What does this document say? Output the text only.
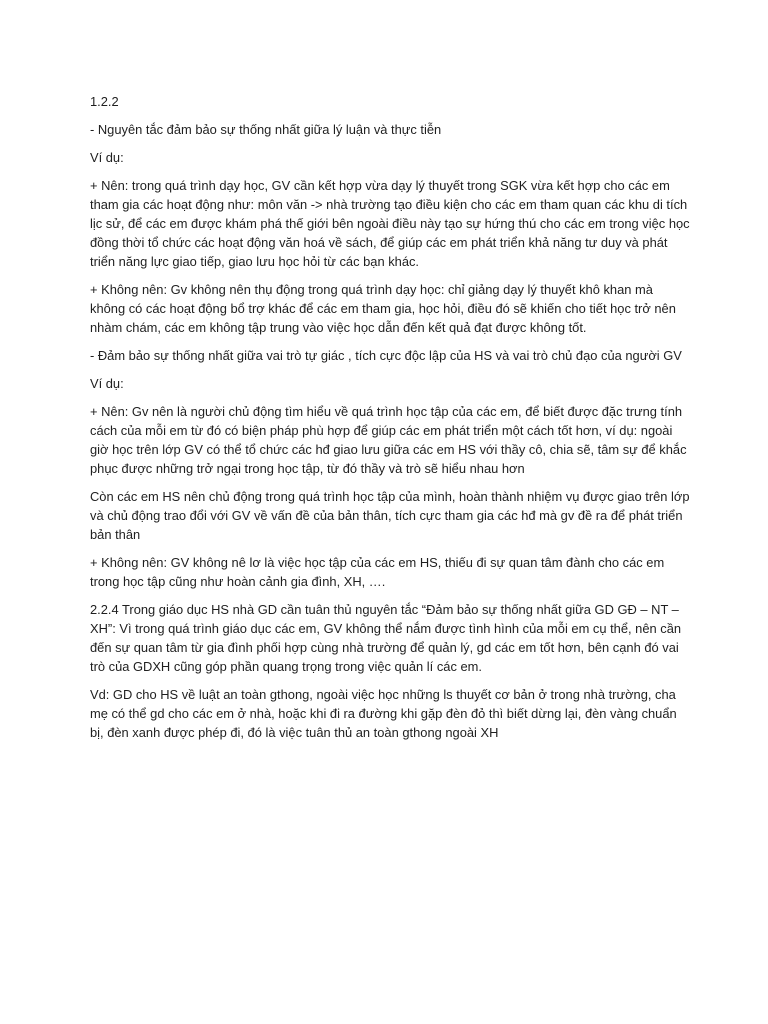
1.2.2

- Nguyên tắc đảm bảo sự thống nhất giữa lý luận và thực tiễn

Ví dụ:

+ Nên: trong quá trình dạy học, GV cần kết hợp vừa dạy lý thuyết trong SGK vừa kết hợp cho các em tham gia các hoạt động như: môn văn -> nhà trường tạo điều kiện cho các em tham quan các khu di tích lịc sử, để các em được khám phá thế giới bên ngoài điều này tạo sự hứng thú cho các em trong việc học đồng thời tổ chức các hoạt động văn hoá về sách, để giúp các em phát triển khả năng tư duy và phát triển năng lực giao tiếp, giao lưu học hỏi từ các bạn khác.

+ Không nên: Gv không nên thụ động trong quá trình dạy học: chỉ giảng dạy lý thuyết khô khan mà không có các hoạt động bổ trợ khác để các em tham gia, học hỏi, điều đó sẽ khiến cho tiết học trở nên nhàm chám, các em không tập trung vào việc học dẫn đến kết quả đạt được không tốt.

- Đảm bảo sự thống nhất giữa vai trò tự giác , tích cực độc lập của HS và vai trò chủ đạo của người GV

Ví dụ:

+ Nên: Gv nên là người chủ động tìm hiểu về quá trình học tập của các em, để biết được đặc trưng tính cách của mỗi em từ đó có biện pháp phù hợp để giúp các em phát triển một cách tốt hơn, ví dụ: ngoài giờ học trên lớp GV có thể tổ chức các hđ giao lưu giữa các em HS với thầy cô, chia sẽ, tâm sự để khắc phục được những trở ngại trong học tập, từ đó thầy và trò sẽ hiểu nhau hơn

Còn các em HS nên chủ động trong quá trình học tập của mình, hoàn thành nhiệm vụ được giao trên lớp và chủ động trao đổi với GV về vấn đề của bản thân, tích cực tham gia các hđ mà gv đề ra để phát triển bản thân

+ Không nên: GV không nê lơ là việc học tập của các em HS, thiếu đi sự quan tâm đành cho các em trong học tập cũng như hoàn cảnh gia đình, XH, ….

2.2.4 Trong giáo dục HS nhà GD cần tuân thủ nguyên tắc “Đảm bảo sự thống nhất giữa GD GĐ – NT – XH”: Vì trong quá trình giáo dục các em, GV không thể nắm được tình hình của mỗi em cụ thể, nên cần đến sự quan tâm từ gia đình phối hợp cùng nhà trường để quản lý, gd các em tốt hơn, bên cạnh đó vai trò của GDXH cũng góp phần quang trọng trong việc quản lí các em.

Vd: GD cho HS về luật an toàn gthong, ngoài việc học những ls thuyết cơ bản ở trong nhà trường, cha mẹ có thể gd cho các em ở nhà, hoặc khi đi ra đường khi gặp đèn đỏ thì biết dừng lại, đèn vàng chuẩn bị, đèn xanh được phép đi, đó là việc tuân thủ an toàn gthong ngoài XH
